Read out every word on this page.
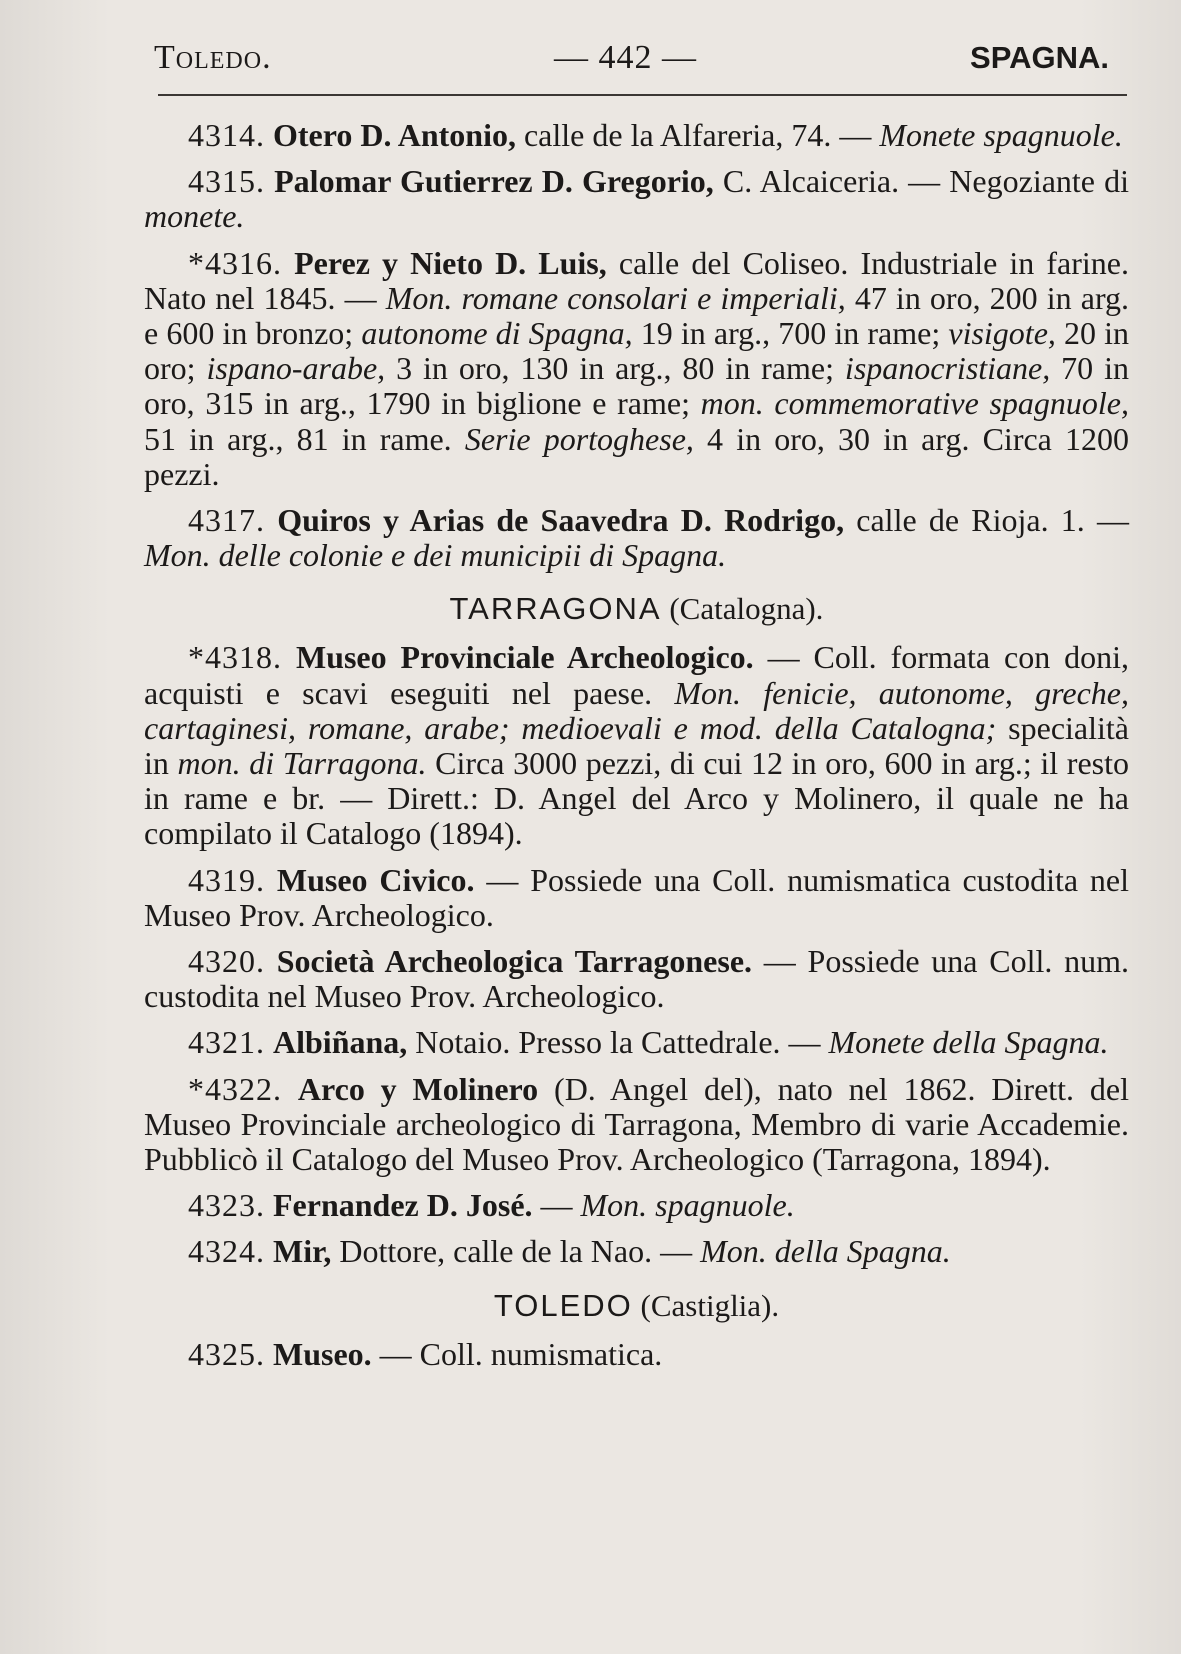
Toledo.	— 442 —	SPAGNA.

4314. Otero D. Antonio, calle de la Alfareria, 74. — Monete spagnuole.

4315. Palomar Gutierrez D. Gregorio, C. Alcaiceria. — Negoziante di monete.

*4316. Perez y Nieto D. Luis, calle del Coliseo. Industriale in farine. Nato nel 1845. — Mon. romane consolari e imperiali, 47 in oro, 200 in arg. e 600 in bronzo; autonome di Spagna, 19 in arg., 700 in rame; visigote, 20 in oro; ispano-arabe, 3 in oro, 130 in arg., 80 in rame; ispanocristiane, 70 in oro, 315 in arg., 1790 in biglione e rame; mon. commemorative spagnuole, 51 in arg., 81 in rame. Serie portoghese, 4 in oro, 30 in arg. Circa 1200 pezzi.

4317. Quiros y Arias de Saavedra D. Rodrigo, calle de Rioja. 1. — Mon. delle colonie e dei municipii di Spagna.

TARRAGONA (Catalogna).

*4318. Museo Provinciale Archeologico. — Coll. formata con doni, acquisti e scavi eseguiti nel paese. Mon. fenicie, autonome, greche, cartaginesi, romane, arabe; medioevali e mod. della Catalogna; specialità in mon. di Tarragona. Circa 3000 pezzi, di cui 12 in oro, 600 in arg.; il resto in rame e br. — Dirett.: D. Angel del Arco y Molinero, il quale ne ha compilato il Catalogo (1894).

4319. Museo Civico. — Possiede una Coll. numismatica custodita nel Museo Prov. Archeologico.

4320. Società Archeologica Tarragonese. — Possiede una Coll. num. custodita nel Museo Prov. Archeologico.

4321. Albiñana, Notaio. Presso la Cattedrale. — Monete della Spagna.

*4322. Arco y Molinero (D. Angel del), nato nel 1862. Dirett. del Museo Provinciale archeologico di Tarragona, Membro di varie Accademie. Pubblicò il Catalogo del Museo Prov. Archeologico (Tarragona, 1894).

4323. Fernandez D. José. — Mon. spagnuole.

4324. Mir, Dottore, calle de la Nao. — Mon. della Spagna.

TOLEDO (Castiglia).

4325. Museo. — Coll. numismatica.
